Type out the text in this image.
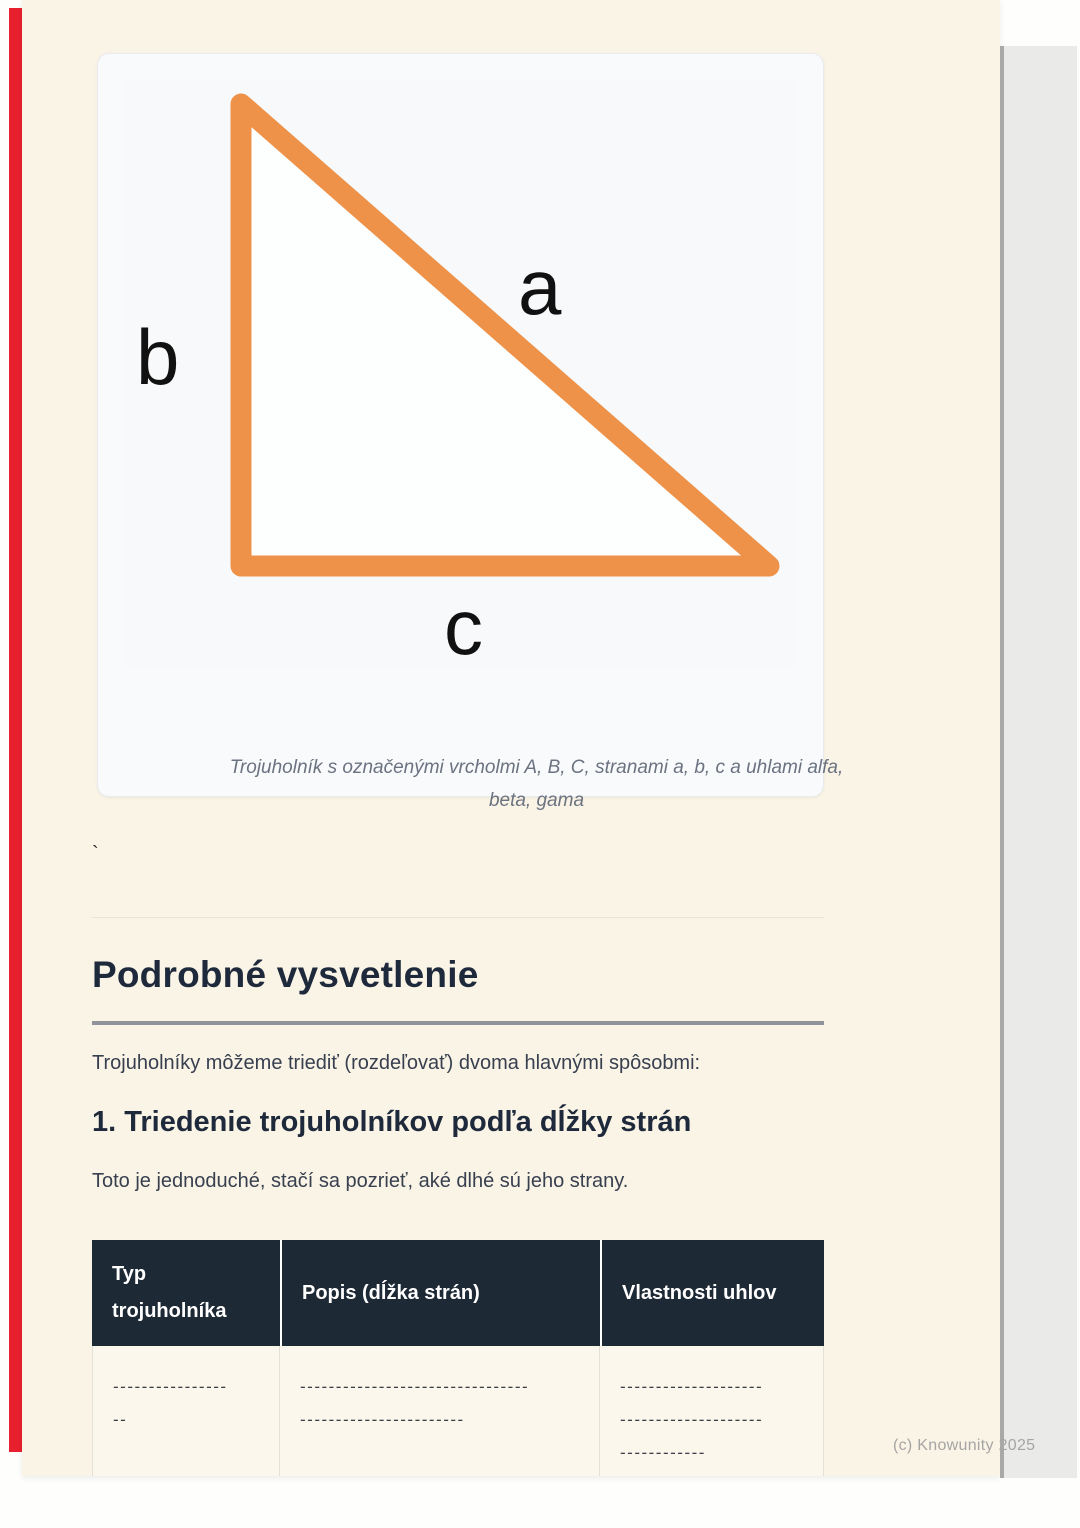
a
b
c
Trojuholník s označenými vrcholmi A, B, C, stranami a, b, c a uhlami alfa,
beta, gama
`
Podrobné vysvetlenie
Trojuholníky môžeme triediť (rozdeľovať) dvoma hlavnými spôsobmi:
1. Triedenie trojuholníkov podľa dĺžky strán
Toto je jednoduché, stačí sa pozrieť, aké dlhé sú jeho strany.
Typ trojuholníka
Popis (dĺžka strán)	Vlastnosti uhlov
----------------
--
--------------------------------
-----------------------
--------------------
--------------------
------------	(c) Knowunity 2025
